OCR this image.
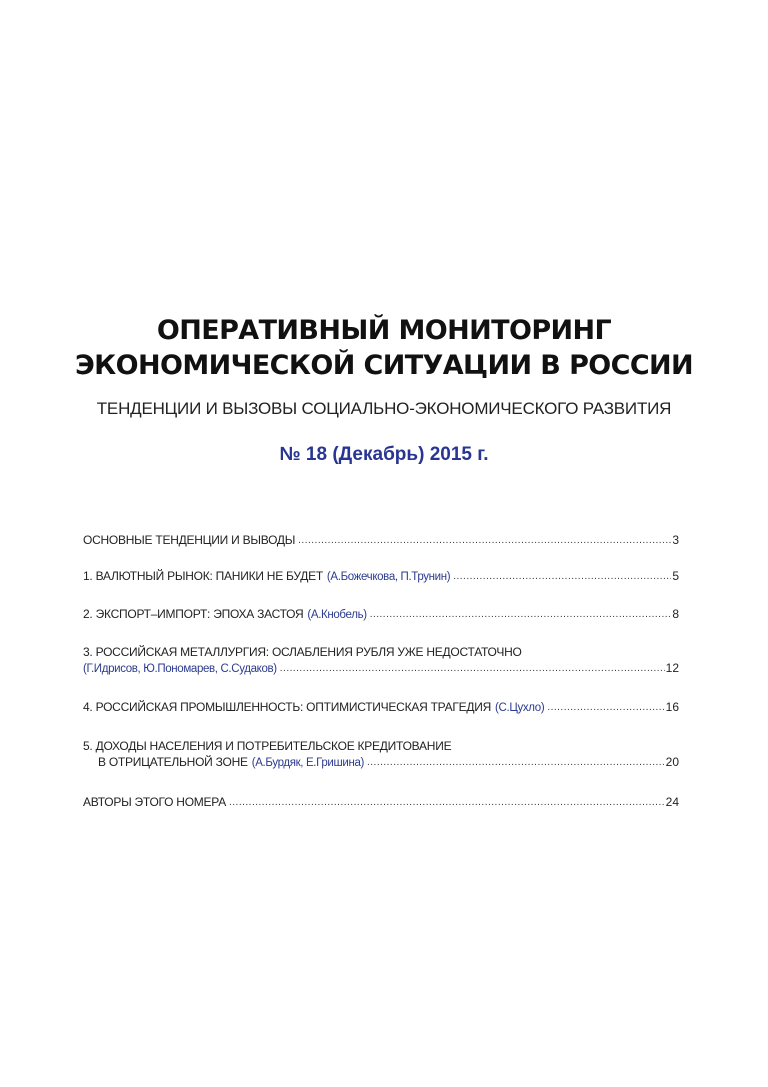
ОПЕРАТИВНЫЙ МОНИТОРИНГ
ЭКОНОМИЧЕСКОЙ СИТУАЦИИ В РОССИИ
ТЕНДЕНЦИИ И ВЫЗОВЫ СОЦИАЛЬНО-ЭКОНОМИЧЕСКОГО РАЗВИТИЯ
№ 18 (Декабрь) 2015 г.
ОСНОВНЫЕ ТЕНДЕНЦИИ И ВЫВОДЫ .....	3
1. ВАЛЮТНЫЙ РЫНОК: ПАНИКИ НЕ БУДЕТ (А.Божечкова, П.Трунин) .....	5
2. ЭКСПОРТ–ИМПОРТ: ЭПОХА ЗАСТОЯ (А.Кнобель) .....	8
3. РОССИЙСКАЯ МЕТАЛЛУРГИЯ: ОСЛАБЛЕНИЯ РУБЛЯ УЖЕ НЕДОСТАТОЧНО
(Г.Идрисов, Ю.Пономарев, С.Судаков) .....	12
4. РОССИЙСКАЯ ПРОМЫШЛЕННОСТЬ: ОПТИМИСТИЧЕСКАЯ ТРАГЕДИЯ (С.Цухло) .....	16
5. ДОХОДЫ НАСЕЛЕНИЯ И ПОТРЕБИТЕЛЬСКОЕ КРЕДИТОВАНИЕ
В ОТРИЦАТЕЛЬНОЙ ЗОНЕ (А.Бурдяк, Е.Гришина) .....	20
АВТОРЫ ЭТОГО НОМЕРА .....	24
